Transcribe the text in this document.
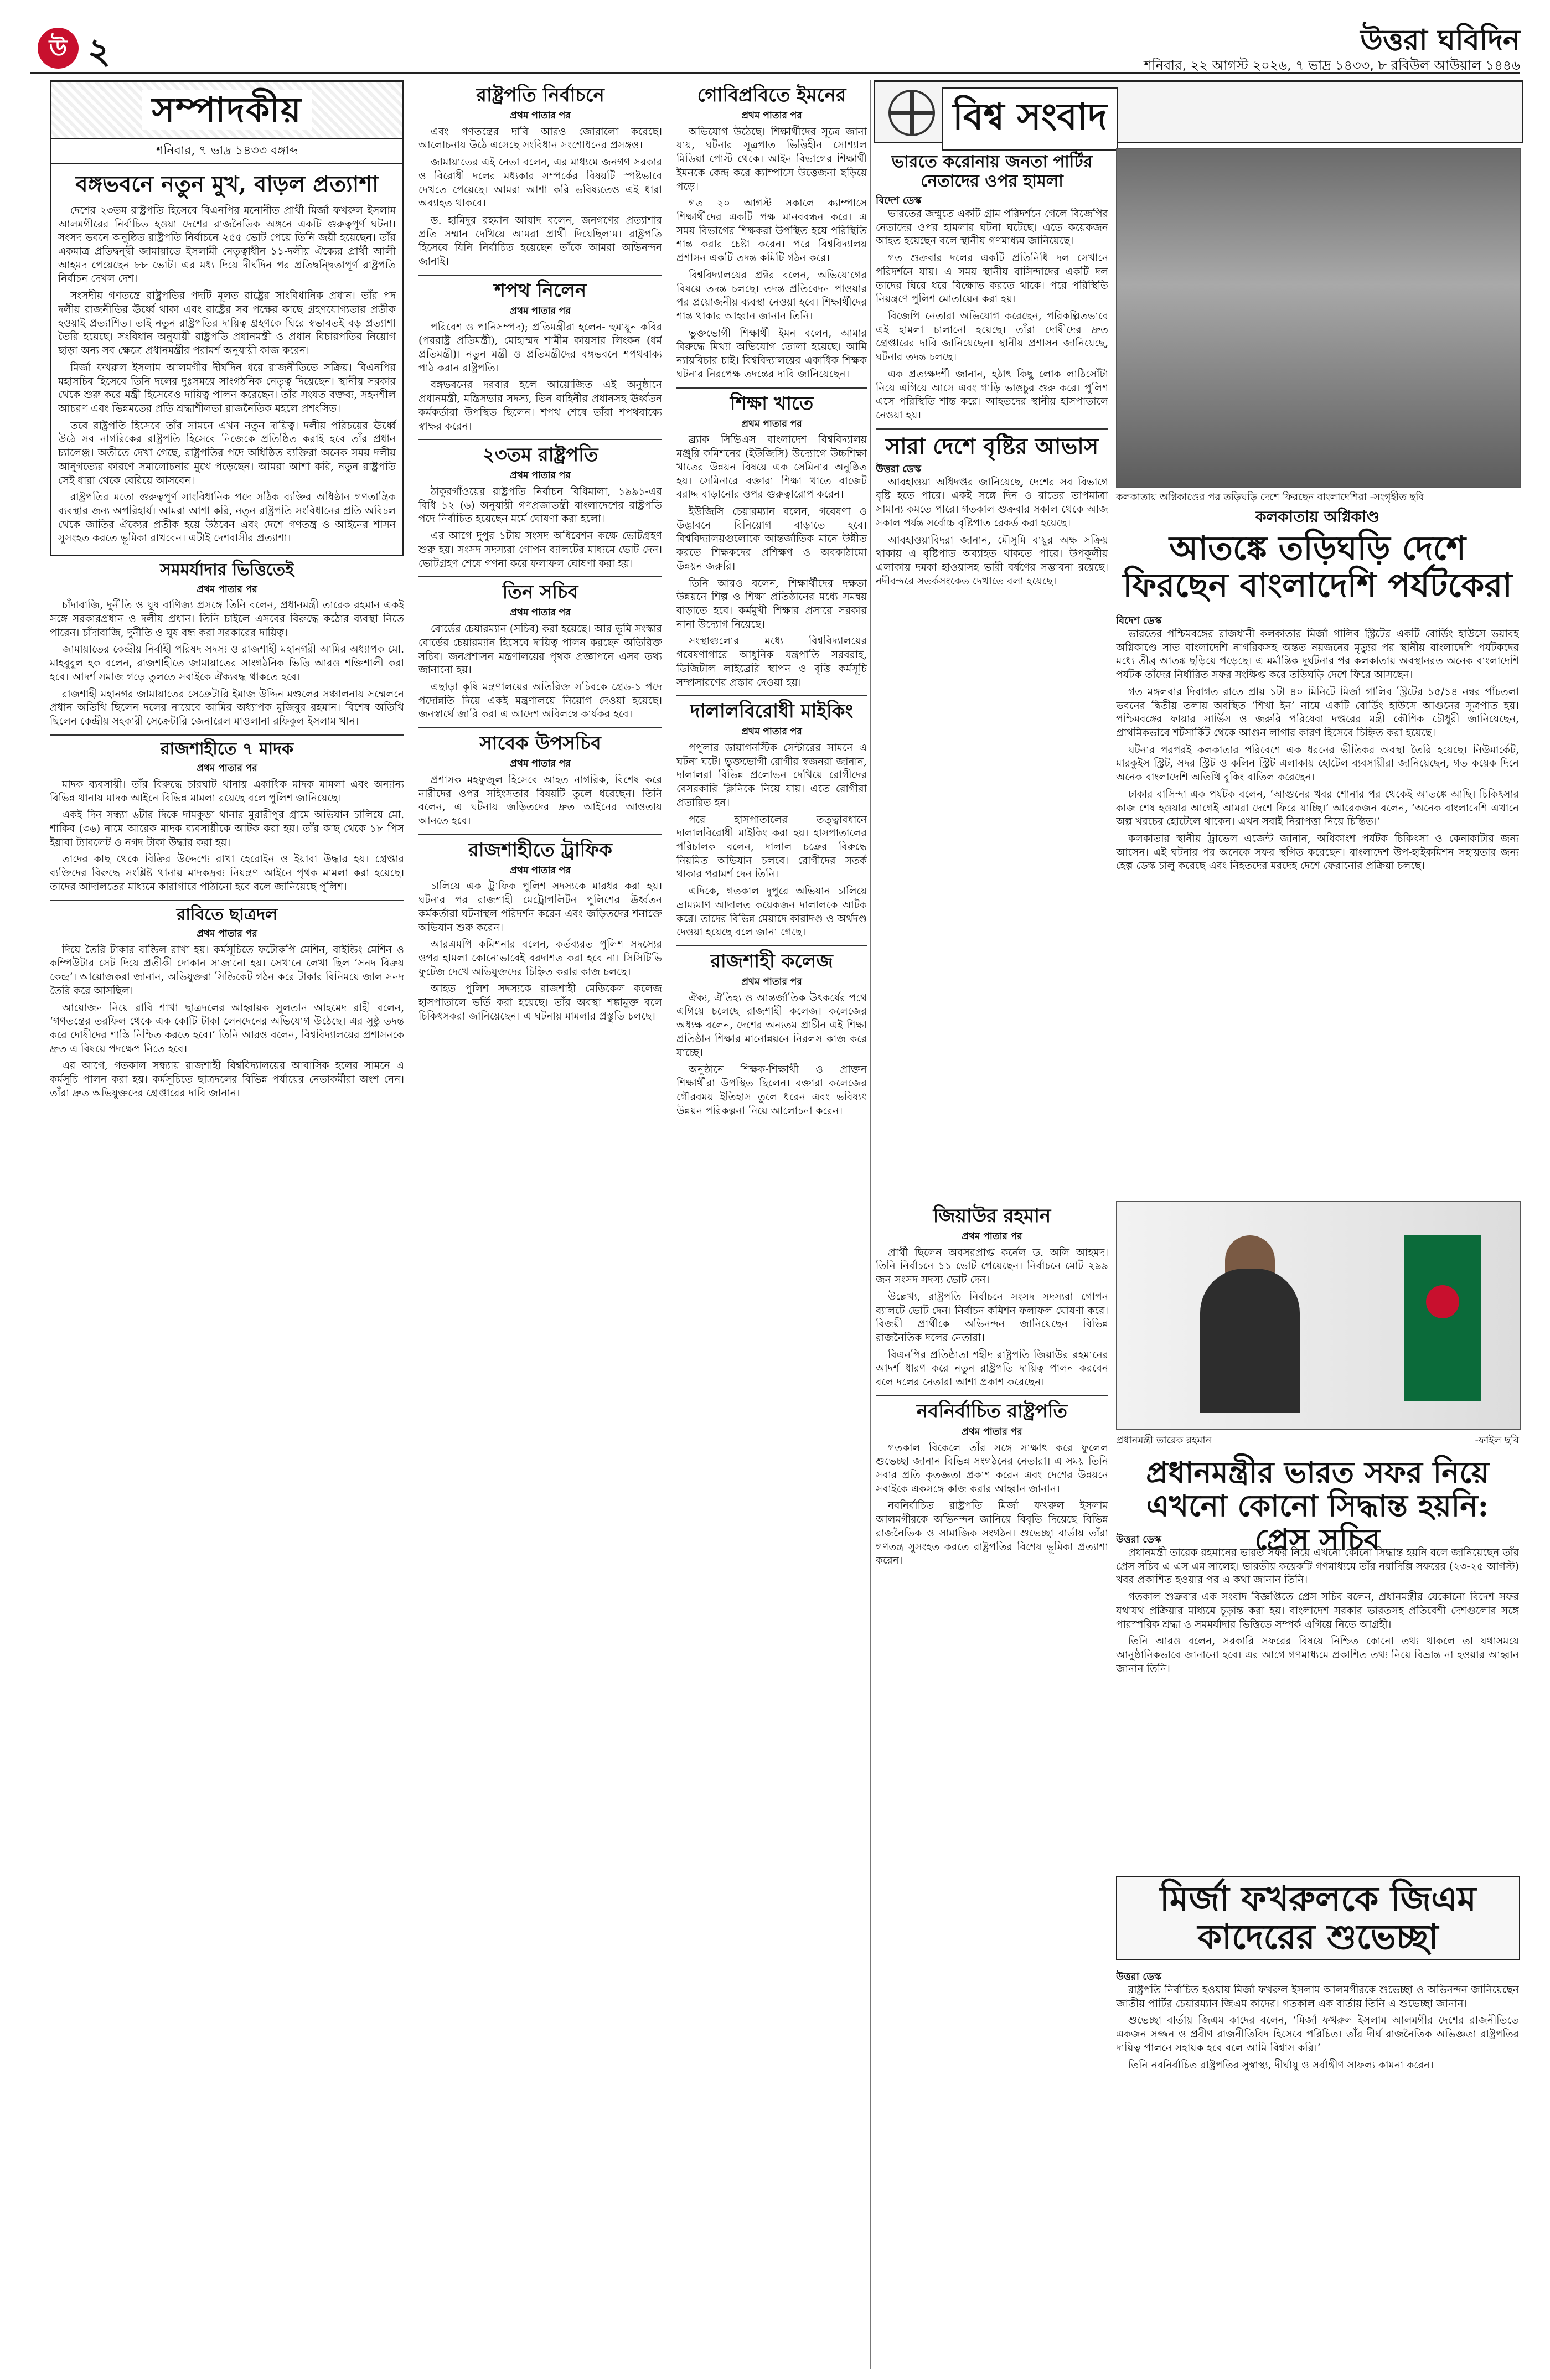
উ ২	উত্তরা ঘবিদিন
শনিবার, ২২ আগস্ট ২০২৬, ৭ ভাদ্র ১৪৩৩, ৮ রবিউল আউয়াল ১৪৪৬
সম্পাদকীয়
শনিবার, ৭ ভাদ্র ১৪৩৩ বঙ্গাব্দ
বঙ্গভবনে নতুন মুখ, বাড়ল প্রত্যাশা

দেশের ২৩তম রাষ্ট্রপতি হিসেবে বিএনপির মনোনীত প্রার্থী মির্জা ফখরুল ইসলাম আলমগীরের নির্বাচিত হওয়া দেশের রাজনৈতিক অঙ্গনে একটি গুরুত্বপূর্ণ ঘটনা। সংসদ ভবনে অনুষ্ঠিত রাষ্ট্রপতি নির্বাচনে ২৫৫ ভোট পেয়ে তিনি জয়ী হয়েছেন। তাঁর একমাত্র প্রতিদ্বন্দ্বী জামায়াতে ইসলামী নেতৃত্বাধীন ১১-দলীয় ঐক্যের প্রার্থী আলী আহমদ পেয়েছেন ৮৮ ভোট। এর মধ্য দিয়ে দীর্ঘদিন পর প্রতিদ্বন্দ্বিতাপূর্ণ রাষ্ট্রপতি নির্বাচন দেখল দেশ।

সংসদীয় গণতন্ত্রে রাষ্ট্রপতির পদটি মূলত রাষ্ট্রের সাংবিধানিক প্রধান। তাঁর পদ দলীয় রাজনীতির ঊর্ধ্বে থাকা এবং রাষ্ট্রের সব পক্ষের কাছে গ্রহণযোগ্যতার প্রতীক হওয়াই প্রত্যাশিত। তাই নতুন রাষ্ট্রপতির দায়িত্ব গ্রহণকে ঘিরে স্বভাবতই বড় প্রত্যাশা তৈরি হয়েছে। সংবিধান অনুযায়ী রাষ্ট্রপতি প্রধানমন্ত্রী ও প্রধান বিচারপতির নিয়োগ ছাড়া অন্য সব ক্ষেত্রে প্রধানমন্ত্রীর পরামর্শ অনুযায়ী কাজ করেন।

মির্জা ফখরুল ইসলাম আলমগীর দীর্ঘদিন ধরে রাজনীতিতে সক্রিয়। বিএনপির মহাসচিব হিসেবে তিনি দলের দুঃসময়ে সাংগঠনিক নেতৃত্ব দিয়েছেন। স্থানীয় সরকার থেকে শুরু করে মন্ত্রী হিসেবেও দায়িত্ব পালন করেছেন। তাঁর সংযত বক্তব্য, সহনশীল আচরণ এবং ভিন্নমতের প্রতি শ্রদ্ধাশীলতা রাজনৈতিক মহলে প্রশংসিত।

তবে রাষ্ট্রপতি হিসেবে তাঁর সামনে এখন নতুন দায়িত্ব। দলীয় পরিচয়ের ঊর্ধ্বে উঠে সব নাগরিকের রাষ্ট্রপতি হিসেবে নিজেকে প্রতিষ্ঠিত করাই হবে তাঁর প্রধান চ্যালেঞ্জ। অতীতে দেখা গেছে, রাষ্ট্রপতির পদে অধিষ্ঠিত ব্যক্তিরা অনেক সময় দলীয় আনুগত্যের কারণে সমালোচনার মুখে পড়েছেন। আমরা আশা করি, নতুন রাষ্ট্রপতি সেই ধারা থেকে বেরিয়ে আসবেন।

রাষ্ট্রপতির মতো গুরুত্বপূর্ণ সাংবিধানিক পদে সঠিক ব্যক্তির অধিষ্ঠান গণতান্ত্রিক ব্যবস্থার জন্য অপরিহার্য। আমরা আশা করি, নতুন রাষ্ট্রপতি সংবিধানের প্রতি অবিচল থেকে জাতির ঐক্যের প্রতীক হয়ে উঠবেন এবং দেশে গণতন্ত্র ও আইনের শাসন সুসংহত করতে ভূমিকা রাখবেন। এটাই দেশবাসীর প্রত্যাশা।

সমমর্যাদার ভিত্তিতেই
প্রথম পাতার পর

চাঁদাবাজি, দুর্নীতি ও ঘুষ বাণিজ্য প্রসঙ্গে তিনি বলেন, প্রধানমন্ত্রী তারেক রহমান একই সঙ্গে সরকারপ্রধান ও দলীয় প্রধান। তিনি চাইলে এসবের বিরুদ্ধে কঠোর ব্যবস্থা নিতে পারেন। চাঁদাবাজি, দুর্নীতি ও ঘুষ বন্ধ করা সরকারের দায়িত্ব।

জামায়াতের কেন্দ্রীয় নির্বাহী পরিষদ সদস্য ও রাজশাহী মহানগরী আমির অধ্যাপক মো. মাহবুবুল হক বলেন, রাজশাহীতে জামায়াতের সাংগঠনিক ভিত্তি আরও শক্তিশালী করা হবে। আদর্শ সমাজ গড়ে তুলতে সবাইকে ঐক্যবদ্ধ থাকতে হবে।

রাজশাহী মহানগর জামায়াতের সেক্রেটারি ইমাজ উদ্দিন মণ্ডলের সঞ্চালনায় সম্মেলনে প্রধান অতিথি ছিলেন দলের নায়েবে আমির অধ্যাপক মুজিবুর রহমান। বিশেষ অতিথি ছিলেন কেন্দ্রীয় সহকারী সেক্রেটারি জেনারেল মাওলানা রফিকুল ইসলাম খান।

রাজশাহীতে ৭ মাদক
প্রথম পাতার পর

মাদক ব্যবসায়ী। তাঁর বিরুদ্ধে চারঘাট থানায় একাধিক মাদক মামলা এবং অন্যান্য বিভিন্ন থানায় মাদক আইনে বিভিন্ন মামলা রয়েছে বলে পুলিশ জানিয়েছে।

একই দিন সন্ধ্যা ৬টার দিকে দামকুড়া থানার মুরারীপুর গ্রামে অভিযান চালিয়ে মো. শাকিব (৩৬) নামে আরেক মাদক ব্যবসায়ীকে আটক করা হয়। তাঁর কাছ থেকে ১৮ পিস ইয়াবা ট্যাবলেট ও নগদ টাকা উদ্ধার করা হয়।

তাদের কাছ থেকে বিক্রির উদ্দেশ্যে রাখা হেরোইন ও ইয়াবা উদ্ধার হয়। গ্রেপ্তার ব্যক্তিদের বিরুদ্ধে সংশ্লিষ্ট থানায় মাদকদ্রব্য নিয়ন্ত্রণ আইনে পৃথক মামলা করা হয়েছে। তাদের আদালতের মাধ্যমে কারাগারে পাঠানো হবে বলে জানিয়েছে পুলিশ।

রাবিতে ছাত্রদল
প্রথম পাতার পর

দিয়ে তৈরি টাকার বান্ডিল রাখা হয়। কর্মসূচিতে ফটোকপি মেশিন, বাইন্ডিং মেশিন ও কম্পিউটার সেট দিয়ে প্রতীকী দোকান সাজানো হয়। সেখানে লেখা ছিল ‘সনদ বিক্রয় কেন্দ্র’। আয়োজকরা জানান, অভিযুক্তরা সিন্ডিকেট গঠন করে টাকার বিনিময়ে জাল সনদ তৈরি করে আসছিল।

আয়োজন নিয়ে রাবি শাখা ছাত্রদলের আহ্বায়ক সুলতান আহমেদ রাহী বলেন, ‘গণতন্ত্রের তরফিল থেকে এক কোটি টাকা লেনদেনের অভিযোগ উঠেছে। এর সুষ্ঠু তদন্ত করে দোষীদের শাস্তি নিশ্চিত করতে হবে।’ তিনি আরও বলেন, বিশ্ববিদ্যালয়ের প্রশাসনকে দ্রুত এ বিষয়ে পদক্ষেপ নিতে হবে।

এর আগে, গতকাল সন্ধ্যায় রাজশাহী বিশ্ববিদ্যালয়ের আবাসিক হলের সামনে এ কর্মসূচি পালন করা হয়। কর্মসূচিতে ছাত্রদলের বিভিন্ন পর্যায়ের নেতাকর্মীরা অংশ নেন। তাঁরা দ্রুত অভিযুক্তদের গ্রেপ্তারের দাবি জানান।

রাষ্ট্রপতি নির্বাচনে
প্রথম পাতার পর

এবং গণতন্ত্রের দাবি আরও জোরালো করেছে। আলোচনায় উঠে এসেছে সংবিধান সংশোধনের প্রসঙ্গও।

জামায়াতের এই নেতা বলেন, এর মাধ্যমে জনগণ সরকার ও বিরোধী দলের মধ্যকার সম্পর্কের বিষয়টি স্পষ্টভাবে দেখতে পেয়েছে। আমরা আশা করি ভবিষ্যতেও এই ধারা অব্যাহত থাকবে।

ড. হামিদুর রহমান আযাদ বলেন, জনগণের প্রত্যাশার প্রতি সম্মান দেখিয়ে আমরা প্রার্থী দিয়েছিলাম। রাষ্ট্রপতি হিসেবে যিনি নির্বাচিত হয়েছেন তাঁকে আমরা অভিনন্দন জানাই।

শপথ নিলেন
প্রথম পাতার পর

পরিবেশ ও পানিসম্পদ); প্রতিমন্ত্রীরা হলেন- হুমায়ুন কবির (পররাষ্ট্র প্রতিমন্ত্রী), মোহাম্মদ শামীম কায়সার লিংকন (ধর্ম প্রতিমন্ত্রী)। নতুন মন্ত্রী ও প্রতিমন্ত্রীদের বঙ্গভবনে শপথবাক্য পাঠ করান রাষ্ট্রপতি।

বঙ্গভবনের দরবার হলে আয়োজিত এই অনুষ্ঠানে প্রধানমন্ত্রী, মন্ত্রিসভার সদস্য, তিন বাহিনীর প্রধানসহ ঊর্ধ্বতন কর্মকর্তারা উপস্থিত ছিলেন। শপথ শেষে তাঁরা শপথবাক্যে স্বাক্ষর করেন।

২৩তম রাষ্ট্রপতি
প্রথম পাতার পর

ঠাকুরগাঁওয়ের রাষ্ট্রপতি নির্বাচন বিধিমালা, ১৯৯১-এর বিধি ১২ (৬) অনুযায়ী গণপ্রজাতন্ত্রী বাংলাদেশের রাষ্ট্রপতি পদে নির্বাচিত হয়েছেন মর্মে ঘোষণা করা হলো।

এর আগে দুপুর ১টায় সংসদ অধিবেশন কক্ষে ভোটগ্রহণ শুরু হয়। সংসদ সদস্যরা গোপন ব্যালটের মাধ্যমে ভোট দেন। ভোটগ্রহণ শেষে গণনা করে ফলাফল ঘোষণা করা হয়।

তিন সচিব
প্রথম পাতার পর

বোর্ডের চেয়ারম্যান (সচিব) করা হয়েছে। আর ভূমি সংস্কার বোর্ডের চেয়ারম্যান হিসেবে দায়িত্ব পালন করছেন অতিরিক্ত সচিব। জনপ্রশাসন মন্ত্রণালয়ের পৃথক প্রজ্ঞাপনে এসব তথ্য জানানো হয়।

এছাড়া কৃষি মন্ত্রণালয়ের অতিরিক্ত সচিবকে গ্রেড-১ পদে পদোন্নতি দিয়ে একই মন্ত্রণালয়ে নিয়োগ দেওয়া হয়েছে। জনস্বার্থে জারি করা এ আদেশ অবিলম্বে কার্যকর হবে।

সাবেক উপসচিব
প্রথম পাতার পর

প্রশাসক মহফুজুল হিসেবে আহত নাগরিক, বিশেষ করে নারীদের ওপর সহিংসতার বিষয়টি তুলে ধরেছেন। তিনি বলেন, এ ঘটনায় জড়িতদের দ্রুত আইনের আওতায় আনতে হবে।

রাজশাহীতে ট্রাফিক
প্রথম পাতার পর

চালিয়ে এক ট্রাফিক পুলিশ সদস্যকে মারধর করা হয়। ঘটনার পর রাজশাহী মেট্রোপলিটন পুলিশের ঊর্ধ্বতন কর্মকর্তারা ঘটনাস্থল পরিদর্শন করেন এবং জড়িতদের শনাক্তে অভিযান শুরু করেন।

আরএমপি কমিশনার বলেন, কর্তব্যরত পুলিশ সদস্যের ওপর হামলা কোনোভাবেই বরদাশত করা হবে না। সিসিটিভি ফুটেজ দেখে অভিযুক্তদের চিহ্নিত করার কাজ চলছে।

আহত পুলিশ সদস্যকে রাজশাহী মেডিকেল কলেজ হাসপাতালে ভর্তি করা হয়েছে। তাঁর অবস্থা শঙ্কামুক্ত বলে চিকিৎসকরা জানিয়েছেন। এ ঘটনায় মামলার প্রস্তুতি চলছে।

গোবিপ্রবিতে ইমনের
প্রথম পাতার পর

অভিযোগ উঠেছে। শিক্ষার্থীদের সূত্রে জানা যায়, ঘটনার সূত্রপাত ভিত্তিহীন সোশ্যাল মিডিয়া পোস্ট থেকে। আইন বিভাগের শিক্ষার্থী ইমনকে কেন্দ্র করে ক্যাম্পাসে উত্তেজনা ছড়িয়ে পড়ে।

গত ২০ আগস্ট সকালে ক্যাম্পাসে শিক্ষার্থীদের একটি পক্ষ মানববন্ধন করে। এ সময় বিভাগের শিক্ষকরা উপস্থিত হয়ে পরিস্থিতি শান্ত করার চেষ্টা করেন। পরে বিশ্ববিদ্যালয় প্রশাসন একটি তদন্ত কমিটি গঠন করে।

বিশ্ববিদ্যালয়ের প্রক্টর বলেন, অভিযোগের বিষয়ে তদন্ত চলছে। তদন্ত প্রতিবেদন পাওয়ার পর প্রয়োজনীয় ব্যবস্থা নেওয়া হবে। শিক্ষার্থীদের শান্ত থাকার আহ্বান জানান তিনি।

ভুক্তভোগী শিক্ষার্থী ইমন বলেন, আমার বিরুদ্ধে মিথ্যা অভিযোগ তোলা হয়েছে। আমি ন্যায়বিচার চাই। বিশ্ববিদ্যালয়ের একাধিক শিক্ষক ঘটনার নিরপেক্ষ তদন্তের দাবি জানিয়েছেন।

শিক্ষা খাতে
প্রথম পাতার পর

ব্র্যাক সিভিএস বাংলাদেশ বিশ্ববিদ্যালয় মঞ্জুরি কমিশনের (ইউজিসি) উদ্যোগে উচ্চশিক্ষা খাতের উন্নয়ন বিষয়ে এক সেমিনার অনুষ্ঠিত হয়। সেমিনারে বক্তারা শিক্ষা খাতে বাজেট বরাদ্দ বাড়ানোর ওপর গুরুত্বারোপ করেন।

ইউজিসি চেয়ারম্যান বলেন, গবেষণা ও উদ্ভাবনে বিনিয়োগ বাড়াতে হবে। বিশ্ববিদ্যালয়গুলোকে আন্তর্জাতিক মানে উন্নীত করতে শিক্ষকদের প্রশিক্ষণ ও অবকাঠামো উন্নয়ন জরুরি।

তিনি আরও বলেন, শিক্ষার্থীদের দক্ষতা উন্নয়নে শিল্প ও শিক্ষা প্রতিষ্ঠানের মধ্যে সমন্বয় বাড়াতে হবে। কর্মমুখী শিক্ষার প্রসারে সরকার নানা উদ্যোগ নিয়েছে।

সংস্থাগুলোর মধ্যে বিশ্ববিদ্যালয়ের গবেষণাগারে আধুনিক যন্ত্রপাতি সরবরাহ, ডিজিটাল লাইব্রেরি স্থাপন ও বৃত্তি কর্মসূচি সম্প্রসারণের প্রস্তাব দেওয়া হয়।

দালালবিরোধী মাইকিং
প্রথম পাতার পর

পপুলার ডায়াগনস্টিক সেন্টারের সামনে এ ঘটনা ঘটে। ভুক্তভোগী রোগীর স্বজনরা জানান, দালালরা বিভিন্ন প্রলোভন দেখিয়ে রোগীদের বেসরকারি ক্লিনিকে নিয়ে যায়। এতে রোগীরা প্রতারিত হন।

পরে হাসপাতালের তত্ত্বাবধানে দালালবিরোধী মাইকিং করা হয়। হাসপাতালের পরিচালক বলেন, দালাল চক্রের বিরুদ্ধে নিয়মিত অভিযান চলবে। রোগীদের সতর্ক থাকার পরামর্শ দেন তিনি।

এদিকে, গতকাল দুপুরে অভিযান চালিয়ে ভ্রাম্যমাণ আদালত কয়েকজন দালালকে আটক করে। তাদের বিভিন্ন মেয়াদে কারাদণ্ড ও অর্থদণ্ড দেওয়া হয়েছে বলে জানা গেছে।

রাজশাহী কলেজ
প্রথম পাতার পর

ঐক্য, ঐতিহ্য ও আন্তর্জাতিক উৎকর্ষের পথে এগিয়ে চলেছে রাজশাহী কলেজ। কলেজের অধ্যক্ষ বলেন, দেশের অন্যতম প্রাচীন এই শিক্ষা প্রতিষ্ঠান শিক্ষার মানোন্নয়নে নিরলস কাজ করে যাচ্ছে।

অনুষ্ঠানে শিক্ষক-শিক্ষার্থী ও প্রাক্তন শিক্ষার্থীরা উপস্থিত ছিলেন। বক্তারা কলেজের গৌরবময় ইতিহাস তুলে ধরেন এবং ভবিষ্যৎ উন্নয়ন পরিকল্পনা নিয়ে আলোচনা করেন।

বিশ্ব সংবাদ
ভারতে করোনায় জনতা পার্টির নেতাদের ওপর হামলা
বিদেশ ডেস্ক

ভারতের জম্মুতে একটি গ্রাম পরিদর্শনে গেলে বিজেপির নেতাদের ওপর হামলার ঘটনা ঘটেছে। এতে কয়েকজন আহত হয়েছেন বলে স্থানীয় গণমাধ্যম জানিয়েছে।

গত শুক্রবার দলের একটি প্রতিনিধি দল সেখানে পরিদর্শনে যায়। এ সময় স্থানীয় বাসিন্দাদের একটি দল তাদের ঘিরে ধরে বিক্ষোভ করতে থাকে। পরে পরিস্থিতি নিয়ন্ত্রণে পুলিশ মোতায়েন করা হয়।

বিজেপি নেতারা অভিযোগ করেছেন, পরিকল্পিতভাবে এই হামলা চালানো হয়েছে। তাঁরা দোষীদের দ্রুত গ্রেপ্তারের দাবি জানিয়েছেন। স্থানীয় প্রশাসন জানিয়েছে, ঘটনার তদন্ত চলছে।

এক প্রত্যক্ষদর্শী জানান, হঠাৎ কিছু লোক লাঠিসোঁটা নিয়ে এগিয়ে আসে এবং গাড়ি ভাঙচুর শুরু করে। পুলিশ এসে পরিস্থিতি শান্ত করে। আহতদের স্থানীয় হাসপাতালে নেওয়া হয়।

সারা দেশে বৃষ্টির আভাস
উত্তরা ডেস্ক

আবহাওয়া অধিদপ্তর জানিয়েছে, দেশের সব বিভাগে বৃষ্টি হতে পারে। একই সঙ্গে দিন ও রাতের তাপমাত্রা সামান্য কমতে পারে। গতকাল শুক্রবার সকাল থেকে আজ সকাল পর্যন্ত সর্বোচ্চ বৃষ্টিপাত রেকর্ড করা হয়েছে।

আবহাওয়াবিদরা জানান, মৌসুমি বায়ুর অক্ষ সক্রিয় থাকায় এ বৃষ্টিপাত অব্যাহত থাকতে পারে। উপকূলীয় এলাকায় দমকা হাওয়াসহ ভারী বর্ষণের সম্ভাবনা রয়েছে। নদীবন্দরে সতর্কসংকেত দেখাতে বলা হয়েছে।

কলকাতায় অগ্নিকাণ্ডের পর তড়িঘড়ি দেশে ফিরছেন বাংলাদেশিরা -সংগৃহীত ছবি
কলকাতায় অগ্নিকাণ্ড
আতঙ্কে তড়িঘড়ি দেশে ফিরছেন বাংলাদেশি পর্যটকেরা
বিদেশ ডেস্ক

ভারতের পশ্চিমবঙ্গের রাজধানী কলকাতার মির্জা গালিব স্ট্রিটের একটি বোর্ডিং হাউসে ভয়াবহ অগ্নিকাণ্ডে সাত বাংলাদেশি নাগরিকসহ অন্তত নয়জনের মৃত্যুর পর স্থানীয় বাংলাদেশি পর্যটকদের মধ্যে তীব্র আতঙ্ক ছড়িয়ে পড়েছে। এ মর্মান্তিক দুর্ঘটনার পর কলকাতায় অবস্থানরত অনেক বাংলাদেশি পর্যটক তাঁদের নির্ধারিত সফর সংক্ষিপ্ত করে তড়িঘড়ি দেশে ফিরে আসছেন।

গত মঙ্গলবার দিবাগত রাতে প্রায় ১টা ৪০ মিনিটে মির্জা গালিব স্ট্রিটের ১৫/১৪ নম্বর পাঁচতলা ভবনের দ্বিতীয় তলায় অবস্থিত ‘শিখা ইন’ নামে একটি বোর্ডিং হাউসে আগুনের সূত্রপাত হয়। পশ্চিমবঙ্গের ফায়ার সার্ভিস ও জরুরি পরিষেবা দপ্তরের মন্ত্রী কৌশিক চৌধুরী জানিয়েছেন, প্রাথমিকভাবে শর্টসার্কিট থেকে আগুন লাগার কারণ হিসেবে চিহ্নিত করা হয়েছে।

ঘটনার পরপরই কলকাতার পরিবেশে এক ধরনের ভীতিকর অবস্থা তৈরি হয়েছে। নিউমার্কেট, মারকুইস স্ট্রিট, সদর স্ট্রিট ও কলিন স্ট্রিট এলাকায় হোটেল ব্যবসায়ীরা জানিয়েছেন, গত কয়েক দিনে অনেক বাংলাদেশি অতিথি বুকিং বাতিল করেছেন।

ঢাকার বাসিন্দা এক পর্যটক বলেন, ‘আগুনের খবর শোনার পর থেকেই আতঙ্কে আছি। চিকিৎসার কাজ শেষ হওয়ার আগেই আমরা দেশে ফিরে যাচ্ছি।’ আরেকজন বলেন, ‘অনেক বাংলাদেশি এখানে অল্প খরচের হোটেলে থাকেন। এখন সবাই নিরাপত্তা নিয়ে চিন্তিত।’

কলকাতার স্থানীয় ট্রাভেল এজেন্ট জানান, অধিকাংশ পর্যটক চিকিৎসা ও কেনাকাটার জন্য আসেন। এই ঘটনার পর অনেকে সফর স্থগিত করেছেন। বাংলাদেশ উপ-হাইকমিশন সহায়তার জন্য হেল্প ডেস্ক চালু করেছে এবং নিহতদের মরদেহ দেশে ফেরানোর প্রক্রিয়া চলছে।

প্রধানমন্ত্রী তারেক রহমান	-ফাইল ছবি
জিয়াউর রহমান
প্রথম পাতার পর

প্রার্থী ছিলেন অবসরপ্রাপ্ত কর্নেল ড. অলি আহমদ। তিনি নির্বাচনে ১১ ভোট পেয়েছেন। নির্বাচনে মোট ২৯৯ জন সংসদ সদস্য ভোট দেন।

উল্লেখ্য, রাষ্ট্রপতি নির্বাচনে সংসদ সদস্যরা গোপন ব্যালটে ভোট দেন। নির্বাচন কমিশন ফলাফল ঘোষণা করে। বিজয়ী প্রার্থীকে অভিনন্দন জানিয়েছেন বিভিন্ন রাজনৈতিক দলের নেতারা।

বিএনপির প্রতিষ্ঠাতা শহীদ রাষ্ট্রপতি জিয়াউর রহমানের আদর্শ ধারণ করে নতুন রাষ্ট্রপতি দায়িত্ব পালন করবেন বলে দলের নেতারা আশা প্রকাশ করেছেন।

নবনির্বাচিত রাষ্ট্রপতি
প্রথম পাতার পর

গতকাল বিকেলে তাঁর সঙ্গে সাক্ষাৎ করে ফুলেল শুভেচ্ছা জানান বিভিন্ন সংগঠনের নেতারা। এ সময় তিনি সবার প্রতি কৃতজ্ঞতা প্রকাশ করেন এবং দেশের উন্নয়নে সবাইকে একসঙ্গে কাজ করার আহ্বান জানান।

নবনির্বাচিত রাষ্ট্রপতি মির্জা ফখরুল ইসলাম আলমগীরকে অভিনন্দন জানিয়ে বিবৃতি দিয়েছে বিভিন্ন রাজনৈতিক ও সামাজিক সংগঠন। শুভেচ্ছা বার্তায় তাঁরা গণতন্ত্র সুসংহত করতে রাষ্ট্রপতির বিশেষ ভূমিকা প্রত্যাশা করেন।

প্রধানমন্ত্রীর ভারত সফর নিয়ে এখনো কোনো সিদ্ধান্ত হয়নি: প্রেস সচিব
উত্তরা ডেস্ক

প্রধানমন্ত্রী তারেক রহমানের ভারত সফর নিয়ে এখনো কোনো সিদ্ধান্ত হয়নি বলে জানিয়েছেন তাঁর প্রেস সচিব এ এস এম সালেহ। ভারতীয় কয়েকটি গণমাধ্যমে তাঁর নয়াদিল্লি সফরের (২৩-২৫ আগস্ট) খবর প্রকাশিত হওয়ার পর এ কথা জানান তিনি।

গতকাল শুক্রবার এক সংবাদ বিজ্ঞপ্তিতে প্রেস সচিব বলেন, প্রধানমন্ত্রীর যেকোনো বিদেশ সফর যথাযথ প্রক্রিয়ার মাধ্যমে চূড়ান্ত করা হয়। বাংলাদেশ সরকার ভারতসহ প্রতিবেশী দেশগুলোর সঙ্গে পারস্পরিক শ্রদ্ধা ও সমমর্যাদার ভিত্তিতে সম্পর্ক এগিয়ে নিতে আগ্রহী।

তিনি আরও বলেন, সরকারি সফরের বিষয়ে নিশ্চিত কোনো তথ্য থাকলে তা যথাসময়ে আনুষ্ঠানিকভাবে জানানো হবে। এর আগে গণমাধ্যমে প্রকাশিত তথ্য নিয়ে বিভ্রান্ত না হওয়ার আহ্বান জানান তিনি।

মির্জা ফখরুলকে জিএম কাদেরের শুভেচ্ছা
উত্তরা ডেস্ক

রাষ্ট্রপতি নির্বাচিত হওয়ায় মির্জা ফখরুল ইসলাম আলমগীরকে শুভেচ্ছা ও অভিনন্দন জানিয়েছেন জাতীয় পার্টির চেয়ারম্যান জিএম কাদের। গতকাল এক বার্তায় তিনি এ শুভেচ্ছা জানান।

শুভেচ্ছা বার্তায় জিএম কাদের বলেন, ‘মির্জা ফখরুল ইসলাম আলমগীর দেশের রাজনীতিতে একজন সজ্জন ও প্রবীণ রাজনীতিবিদ হিসেবে পরিচিত। তাঁর দীর্ঘ রাজনৈতিক অভিজ্ঞতা রাষ্ট্রপতির দায়িত্ব পালনে সহায়ক হবে বলে আমি বিশ্বাস করি।’

তিনি নবনির্বাচিত রাষ্ট্রপতির সুস্বাস্থ্য, দীর্ঘায়ু ও সর্বাঙ্গীণ সাফল্য কামনা করেন।
